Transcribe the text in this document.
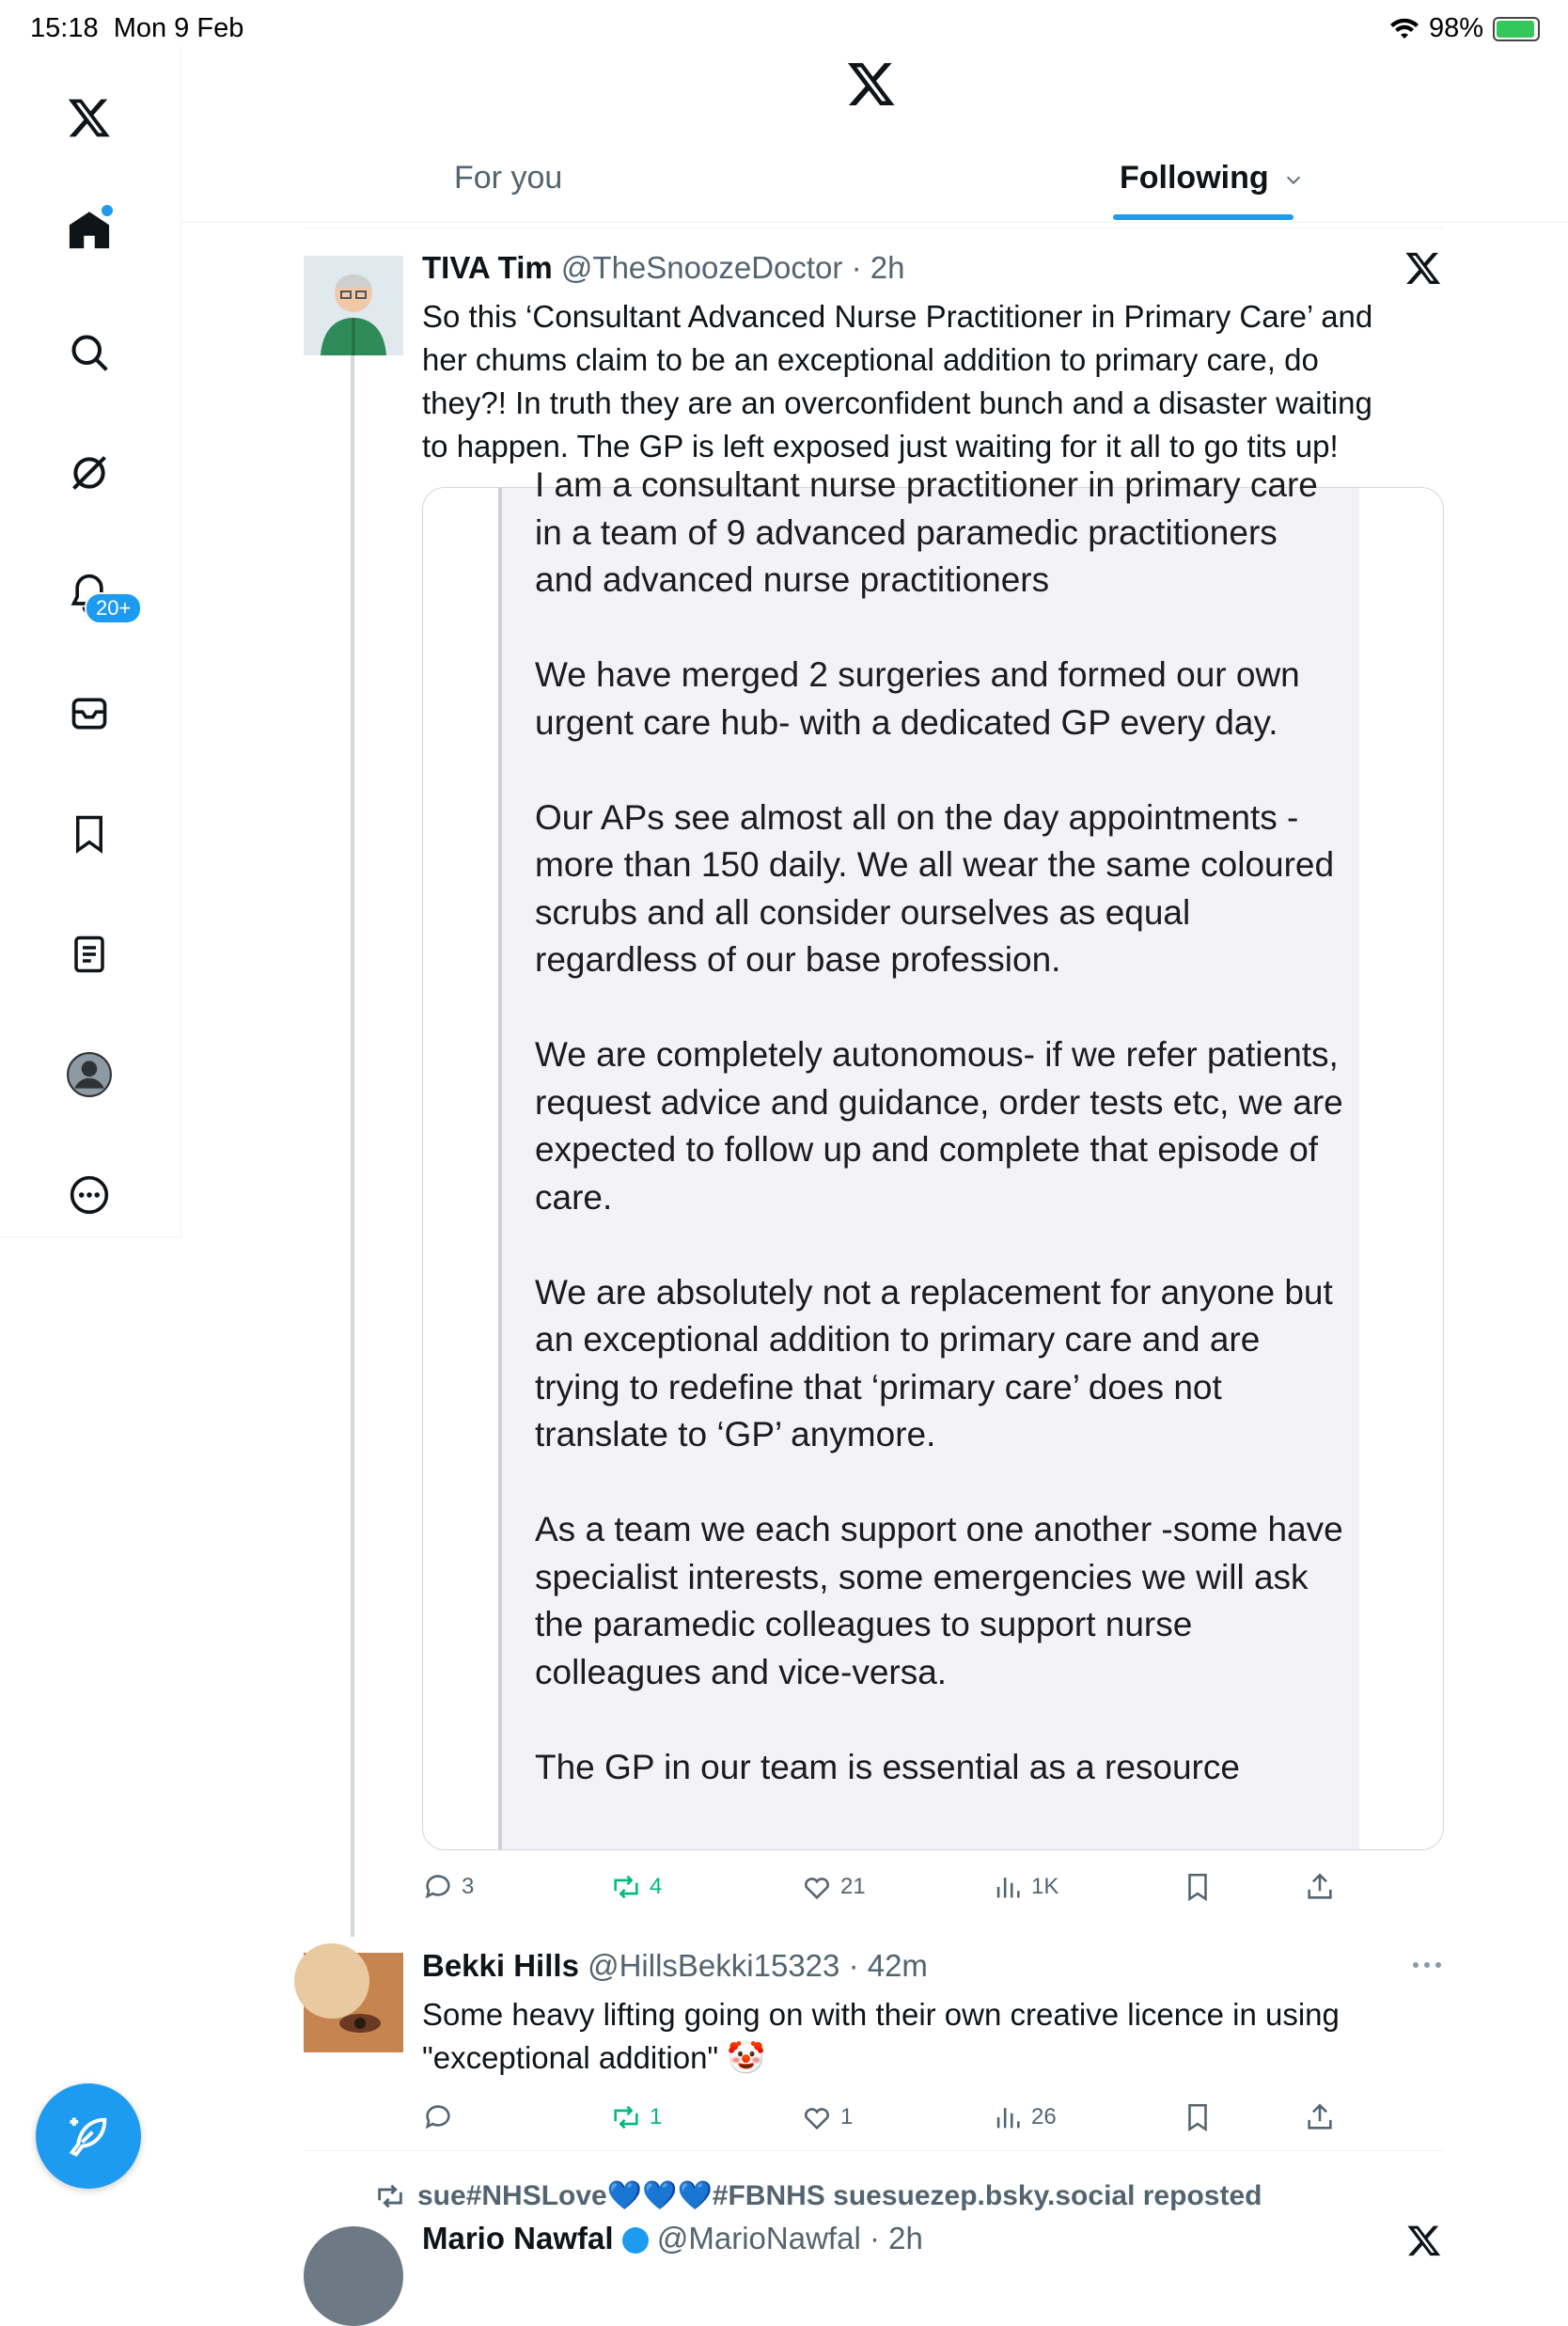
15:18 Mon 9 Feb	98%
20+
For you	Following
TIVA Tim @TheSnoozeDoctor · 2h
So this ‘Consultant Advanced Nurse Practitioner in Primary Care’ and
her chums claim to be an exceptional addition to primary care, do
they?! In truth they are an overconfident bunch and a disaster waiting
to happen. The GP is left exposed just waiting for it all to go tits up!

I am a consultant nurse practitioner in primary care in a team of 9 advanced paramedic practitioners and advanced nurse practitioners

We have merged 2 surgeries and formed our own urgent care hub- with a dedicated GP every day.

Our APs see almost all on the day appointments -more than 150 daily. We all wear the same coloured scrubs and all consider ourselves as equal regardless of our base profession.

We are completely autonomous- if we refer patients, request advice and guidance, order tests etc, we are expected to follow up and complete that episode of care.

We are absolutely not a replacement for anyone but an exceptional addition to primary care and are trying to redefine that ‘primary care’ does not translate to ‘GP’ anymore.

As a team we each support one another -some have specialist interests, some emergencies we will ask the paramedic colleagues to support nurse colleagues and vice-versa.

The GP in our team is essential as a resource

3	4	21	1K
Bekki Hills @HillsBekki15323 · 42m
Some heavy lifting going on with their own creative licence in using
"exceptional addition" 🤡
1	1	26
sue#NHSLove💙💙💙#FBNHS suesuezep.bsky.social reposted
Mario Nawfal @MarioNawfal · 2h
